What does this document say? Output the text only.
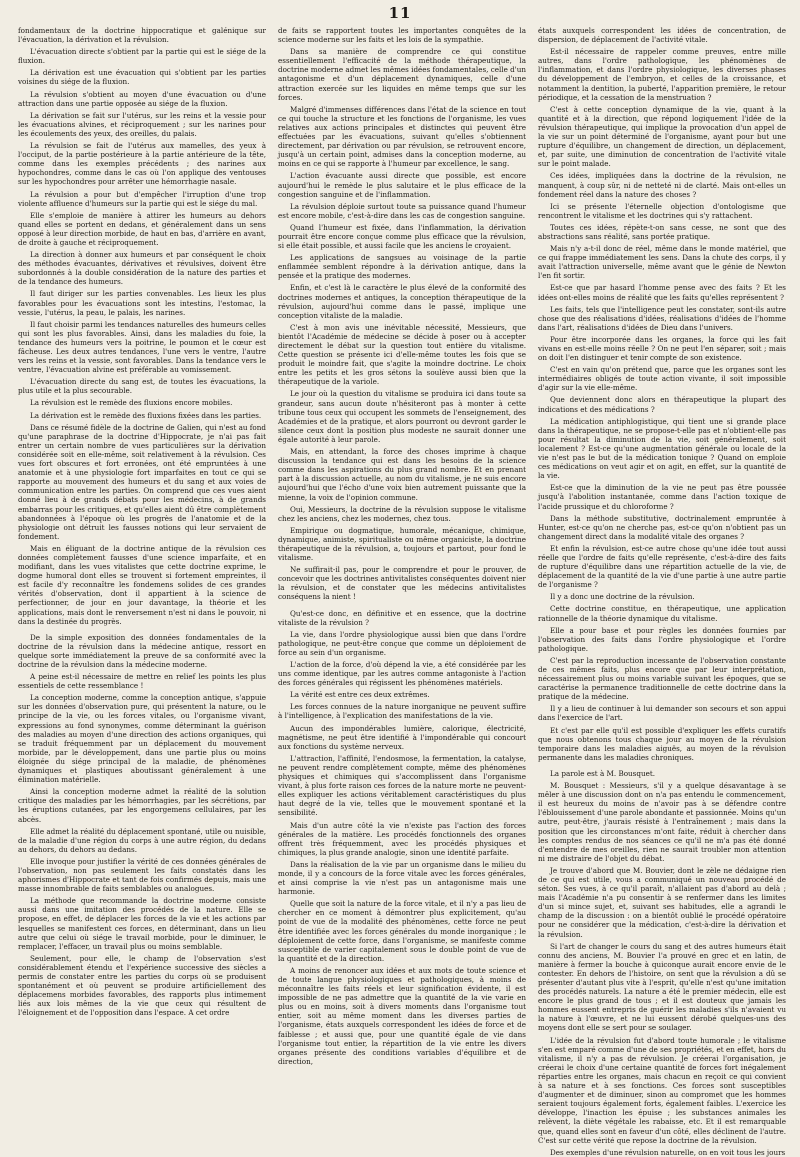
11

fondamentaux de la doctrine hippocratique et galénique sur l'évacuation, la dérivation et la révulsion.

L'évacuation directe s'obtient par la partie qui est le siége de la fluxion.

La dérivation est une évacuation qui s'obtient par les parties voisines du siége de la fluxion.

La révulsion s'obtient au moyen d'une évacuation ou d'une attraction dans une partie opposée au siége de la fluxion.

La dérivation se fait sur l'utérus, sur les reins et la vessie pour les évacuations alvines, et réciproquement ; sur les narines pour les écoulements des yeux, des oreilles, du palais.

La révulsion se fait de l'utérus aux mamelles, des yeux à l'occiput, de la partie postérieure à la partie antérieure de la tête, comme dans les exemples précédents ; des narines aux hypochondres, comme dans le cas où l'on applique des ventouses sur les hypochondres pour arrêter une hémorrhagie nasale.

La révulsion a pour but d'empêcher l'irruption d'une trop violente affluence d'humeurs sur la partie qui est le siége du mal.

Elle s'emploie de manière à attirer les humeurs au dehors quand elles se portent en dedans, et généralement dans un sens opposé à leur direction morbide, de haut en bas, d'arrière en avant, de droite à gauche et réciproquement.

La direction à donner aux humeurs et par conséquent le choix des méthodes évacuantes, dérivatives et révulsives, doivent être subordonnés à la double considération de la nature des parties et de la tendance des humeurs.

Il faut diriger sur les parties convenables. Les lieux les plus favorables pour les évacuations sont les intestins, l'estomac, la vessie, l'utérus, la peau, le palais, les narines.

Il faut choisir parmi les tendances naturelles des humeurs celles qui sont les plus favorables. Ainsi, dans les maladies du foie, la tendance des humeurs vers la poitrine, le poumon et le cœur est fâcheuse. Les deux autres tendances, l'une vers le ventre, l'autre vers les reins et la vessie, sont favorables. Dans la tendance vers le ventre, l'évacuation alvine est préférable au vomissement.

L'évacuation directe du sang est, de toutes les évacuations, la plus utile et la plus secourable.

La révulsion est le remède des fluxions encore mobiles.

La dérivation est le remède des fluxions fixées dans les parties.

Dans ce résumé fidèle de la doctrine de Galien, qui n'est au fond qu'une paraphrase de la doctrine d'Hippocrate, je n'ai pas fait entrer un certain nombre de vues particulières sur la dérivation considérée soit en elle-même, soit relativement à la révulsion. Ces vues fort obscures et fort erronées, ont été empruntées à une anatomie et à une physiologie fort imparfaites en tout ce qui se rapporte au mouvement des humeurs et du sang et aux voies de communication entre les parties. On comprend que ces vues aient donné lieu à de grands débats pour les médecins, à de grands embarras pour les critiques, et qu'elles aient dû être complètement abandonnées à l'époque où les progrès de l'anatomie et de la physiologie ont détruit les fausses notions qui leur servaient de fondement.

Mais en éliguant de la doctrine antique de la révulsion ces données complètement fausses d'une science imparfaite, et en modifiant, dans les vues vitalistes que cette doctrine exprime, le dogme humoral dont elles se trouvent si fortement empreintes, il est facile d'y reconnaître les fondemens solides de ces grandes vérités d'observation, dont il appartient à la science de perfectionner, de jour en jour davantage, la théorie et les applications, mais dont le renversement n'est ni dans le pouvoir, ni dans la destinée du progrès.

De la simple exposition des données fondamentales de la doctrine de la révulsion dans la médecine antique, ressort en quelque sorte immédiatement la preuve de sa conformité avec la doctrine de la révulsion dans la médecine moderne.

A peine est-il nécessaire de mettre en relief les points les plus essentiels de cette ressemblance !

La conception moderne, comme la conception antique, s'appuie sur les données d'observation pure, qui présentent la nature, ou le principe de la vie, ou les forces vitales, ou l'organisme vivant, expressions au fond synonymes, comme déterminant la guérison des maladies au moyen d'une direction des actions organiques, qui se traduit fréquemment par un déplacement du mouvement morbide, par le développement, dans une partie plus ou moins éloignée du siége principal de la maladie, de phénomènes dynamiques et plastiques aboutissant généralement à une élimination matérielle.

Ainsi la conception moderne admet la réalité de la solution critique des maladies par les hémorrhagies, par les sécrétions, par les éruptions cutanées, par les engorgemens cellulaires, par les abcès.

Elle admet la réalité du déplacement spontané, utile ou nuisible, de la maladie d'une région du corps à une autre région, du dedans au dehors, du dehors au dedans.

Elle invoque pour justifier la vérité de ces données générales de l'observation, non pas seulement les faits constatés dans les aphorismes d'Hippocrate et tant de fois confirmés depuis, mais une masse innombrable de faits semblables ou analogues.

La méthode que recommande la doctrine moderne consiste aussi dans une imitation des procédés de la nature. Elle se propose, en effet, de déplacer les forces de la vie et les actions par lesquelles se manifestent ces forces, en déterminant, dans un lieu autre que celui où siége le travail morbide, pour le diminuer, le remplacer, l'effacer, un travail plus ou moins semblable.

Seulement, pour elle, le champ de l'observation s'est considérablement étendu et l'expérience successive des siècles a permis de constater entre les parties du corps où se produisent spontanément et où peuvent se produire artificiellement des déplacemens morbides favorables, des rapports plus intimement liés aux lois mêmes de la vie que ceux qui résultent de l'éloignement et de l'opposition dans l'espace. A cet ordre

de faits se rapportent toutes les importantes conquêtes de la science moderne sur les faits et les lois de la sympathie.

Dans sa manière de comprendre ce qui constitue essentiellement l'efficacité de la méthode thérapeutique, la doctrine moderne admet les mêmes idées fondamentales, celle d'un antagonisme et d'un déplacement dynamiques, celle d'une attraction exercée sur les liquides en même temps que sur les forces.

Malgré d'immenses différences dans l'état de la science en tout ce qui touche la structure et les fonctions de l'organisme, les vues relatives aux actions principales et distinctes qui peuvent être effectuées par les évacuations, suivant qu'elles s'obtiennent directement, par dérivation ou par révulsion, se retrouvent encore, jusqu'à un certain point, admises dans la conception moderne, au moins en ce qui se rapporte à l'humeur par excellence, le sang.

L'action évacuante aussi directe que possible, est encore aujourd'hui le remède le plus salutaire et le plus efficace de la congestion sanguine et de l'inflammation.

La révulsion déploie surtout toute sa puissance quand l'humeur est encore mobile, c'est-à-dire dans les cas de congestion sanguine.

Quand l'humeur est fixée, dans l'inflammation, la dérivation pourrait être encore conçue comme plus efficace que la révulsion, si elle était possible, et aussi facile que les anciens le croyaient.

Les applications de sangsues au voisinage de la partie enflammée semblent répondre à la dérivation antique, dans la pensée et la pratique des modernes.

Enfin, et c'est là le caractère le plus élevé de la conformité des doctrines modernes et antiques, la conception thérapeutique de la révulsion, aujourd'hui comme dans le passé, implique une conception vitaliste de la maladie.

C'est à mon avis une inévitable nécessité, Messieurs, que bientôt l'Académie de médecine se décide à poser ou à accepter directement le débat sur la question tout entière du vitalisme. Cette question se présente ici d'elle-même toutes les fois que se produit le moindre fait, que s'agite la moindre doctrine. Le choix entre les petits et les gros sétons la soulève aussi bien que la thérapeutique de la variole.

Le jour où la question du vitalisme se produira ici dans toute sa grandeur, sans aucun doute n'hésiteront pas à monter à cette tribune tous ceux qui occupent les sommets de l'enseignement, des Académies et de la pratique, et alors pourront ou devront garder le silence ceux dont la position plus modeste ne saurait donner une égale autorité à leur parole.

Mais, en attendant, la force des choses imprime à chaque discussion la tendance qui est dans les besoins de la science comme dans les aspirations du plus grand nombre. Et en prenant part à la discussion actuelle, au nom du vitalisme, je ne suis encore aujourd'hui que l'écho d'une voix bien autrement puissante que la mienne, la voix de l'opinion commune.

Oui, Messieurs, la doctrine de la révulsion suppose le vitalisme chez les anciens, chez les modernes, chez tous.

Empirique ou dogmatique, humorale, mécanique, chimique, dynamique, animiste, spiritualiste ou même organiciste, la doctrine thérapeutique de la révulsion, a, toujours et partout, pour fond le vitalisme.

Ne suffirait-il pas, pour le comprendre et pour le prouver, de concevoir que les doctrines antivitalistes conséquentes doivent nier la révulsion, et de constater que les médecins antivitalistes conséquens la nient !

Qu'est-ce donc, en définitive et en essence, que la doctrine vitaliste de la révulsion ?

La vie, dans l'ordre physiologique aussi bien que dans l'ordre pathologique, ne peut-être conçue que comme un déploiement de force au sein d'un organisme.

L'action de la force, d'où dépend la vie, a été considérée par les uns comme identique, par les autres comme antagoniste à l'action des forces générales qui régissent les phénomènes matériels.

La vérité est entre ces deux extrêmes.

Les forces connues de la nature inorganique ne peuvent suffire à l'intelligence, à l'explication des manifestations de la vie.

Aucun des impondérables lumière, calorique, électricité, magnétisme, ne peut être identifié à l'impondérable qui concourt aux fonctions du système nerveux.

L'attraction, l'affinité, l'endosmose, la fermentation, la catalyse, ne peuvent rendre complètement compte, même des phénomènes physiques et chimiques qui s'accomplissent dans l'organisme vivant, à plus forte raison ces forces de la nature morte ne peuvent-elles expliquer les actions véritablement caractéristiques du plus haut degré de la vie, telles que le mouvement spontané et la sensibilité.

Mais d'un autre côté la vie n'existe pas l'action des forces générales de la matière. Les procédés fonctionnels des organes offrent très fréquemment, avec les procédés physiques et chimiques, la plus grande analogie, sinon une identité parfaite.

Dans la réalisation de la vie par un organisme dans le milieu du monde, il y a concours de la force vitale avec les forces générales, et ainsi comprise la vie n'est pas un antagonisme mais une harmonie.

Quelle que soit la nature de la force vitale, et il n'y a pas lieu de chercher en ce moment à démontrer plus explicitement, qu'au point de vue de la modalité des phénomènes, cette force ne peut être identifiée avec les forces générales du monde inorganique ; le déploiement de cette force, dans l'organisme, se manifeste comme susceptible de varier capitalement sous le double point de vue de la quantité et de la direction.

A moins de renoncer aux idées et aux mots de toute science et de toute langue physiologiques et pathologiques, à moins de méconnaître les faits réels et leur signification évidente, il est impossible de ne pas admettre que la quantité de la vie varie en plus ou en moins, soit à divers moments dans l'organisme tout entier, soit au même moment dans les diverses parties de l'organisme, états auxquels correspondent les idées de force et de faiblesse ; et aussi que, pour une quantité égale de vie dans l'organisme tout entier, la répartition de la vie entre les divers organes présente des conditions variables d'équilibre et de direction,

états auxquels correspondent les idées de concentration, de dispersion, de déplacement de l'activité vitale.

Est-il nécessaire de rappeler comme preuves, entre mille autres, dans l'ordre pathologique, les phénomènes de l'inflammation, et dans l'ordre physiologique, les diverses phases du développement de l'embryon, et celles de la croissance, et notamment la dentition, la puberté, l'apparition première, le retour périodique, et la cessation de la menstruation ?

C'est à cette conception dynamique de la vie, quant à la quantité et à la direction, que répond logiquement l'idée de la révulsion thérapeutique, qui implique la provocation d'un appel de la vie sur un point déterminé de l'organisme, ayant pour but une rupture d'équilibre, un changement de direction, un déplacement, et, par suite, une diminution de concentration de l'activité vitale sur le point malade.

Ces idées, impliquées dans la doctrine de la révulsion, ne manquent, à coup sûr, ni de netteté ni de clarté. Mais ont-elles un fondement réel dans la nature des choses ?

Ici se présente l'éternelle objection d'ontologisme que rencontrent le vitalisme et les doctrines qui s'y rattachent.

Toutes ces idées, répète-t-on sans cesse, ne sont que des abstractions sans réalité, sans portée pratique.

Mais n'y a-t-il donc de réel, même dans le monde matériel, que ce qui frappe immédiatement les sens. Dans la chute des corps, il y avait l'attraction universelle, même avant que le génie de Newton l'en fit sortir.

Est-ce que par hasard l'homme pense avec des faits ? Et les idées ont-elles moins de réalité que les faits qu'elles représentent ?

Les faits, tels que l'intelligence peut les constater, sont-ils autre chose que des réalisations d'idées, réalisations d'idées de l'homme dans l'art, réalisations d'idées de Dieu dans l'univers.

Pour être incorporée dans les organes, la force qui les fait vivans en est-elle moins réelle ? On ne peut l'en séparer, soit ; mais on doit l'en distinguer et tenir compte de son existence.

C'est en vain qu'on prétend que, parce que les organes sont les intermédiaires obligés de toute action vivante, il soit impossible d'agir sur la vie elle-même.

Que deviennent donc alors en thérapeutique la plupart des indications et des médications ?

La médication antiphlogistique, qui tient une si grande place dans la thérapeutique, ne se propose-t-elle pas et n'obtient-elle pas pour résultat la diminution de la vie, soit généralement, soit localement ? Est-ce qu'une augmentation générale ou locale de la vie n'est pas le but de la médication tonique ? Quand on emploie ces médications on veut agir et on agit, en effet, sur la quantité de la vie.

Est-ce que la diminution de la vie ne peut pas être poussée jusqu'à l'abolition instantanée, comme dans l'action toxique de l'acide prussique et du chloroforme ?

Dans la méthode substitutive, doctrinalement empruntée à Hunter, est-ce qu'on ne cherche pas, est-ce qu'on n'obtient pas un changement direct dans la modalité vitale des organes ?

Et enfin la révulsion, est-ce autre chose qu'une idée tout aussi réelle que l'ordre de faits qu'elle représente, c'est-à-dire des faits de rupture d'équilibre dans une répartition actuelle de la vie, de déplacement de la quantité de la vie d'une partie à une autre partie de l'organisme ?

Il y a donc une doctrine de la révulsion.

Cette doctrine constitue, en thérapeutique, une application rationnelle de la théorie dynamique du vitalisme.

Elle a pour base et pour règles les données fournies par l'observation des faits dans l'ordre physiologique et l'ordre pathologique.

C'est par la reproduction incessante de l'observation constante de ces mêmes faits, plus encore que par leur interprétation, nécessairement plus ou moins variable suivant les époques, que se caractérise la permanence traditionnelle de cette doctrine dans la pratique de la médecine.

Il y a lieu de continuer à lui demander son secours et son appui dans l'exercice de l'art.

Et c'est par elle qu'il est possible d'expliquer les effets curatifs que nous obtenons tous chaque jour au moyen de la révulsion temporaire dans les maladies aiguës, au moyen de la révulsion permanente dans les maladies chroniques.

La parole est à M. Bousquet.

M. Bousquet : Messieurs, s'il y a quelque désavantage à se mêler à une discussion dont on n'a pas entendu le commencement, il est heureux du moins de n'avoir pas à se défendre contre l'éblouissement d'une parole abondante et passionnée. Moins qu'un autre, peut-être, j'aurais résisté à l'entraînement ; mais dans la position que les circonstances m'ont faite, réduit à chercher dans les comptes rendus de nos séances ce qu'il ne m'a pas été donné d'entendre de mes oreilles, rien ne saurait troubler mon attention ni me distraire de l'objet du débat.

Je trouve d'abord que M. Bouvier, dont le zèle ne dédaigne rien de ce qui est utile, vous a communiqué un nouveau procédé de séton. Ses vues, à ce qu'il paraît, n'allaient pas d'abord au delà ; mais l'Académie n'a pu consentir à se renfermer dans les limites d'un si mince sujet, et, suivant ses habitudes, elle a agrandi le champ de la discussion : on a bientôt oublié le procédé opératoire pour ne considérer que la médication, c'est-à-dire la dérivation et la révulsion.

Si l'art de changer le cours du sang et des autres humeurs était connu des anciens, M. Bouvier l'a prouvé en grec et en latin, de manière à fermer la bouche à quiconque aurait encore envie de le contester. En dehors de l'histoire, on sent que la révulsion a dû se présenter d'autant plus vite à l'esprit, qu'elle n'est qu'une imitation des procédés naturels. La nature a été le premier médecin, elle est encore le plus grand de tous ; et il est douteux que jamais les hommes eussent entrepris de guérir les maladies s'ils n'avaient vu la nature à l'œuvre, et ne lui eussent dérobé quelques-uns des moyens dont elle se sert pour se soulager.

L'idée de la révulsion fut d'abord toute humorale ; le vitalisme s'en est emparé comme d'une de ses propriétés, et en effet, hors du vitalisme, il n'y a pas de révulsion. Je créerai l'organisation, je créerai le choix d'une certaine quantité de forces fort inégalement réparties entre les organes, mais chacun en reçoit ce qui convient à sa nature et à ses fonctions. Ces forces sont susceptibles d'augmenter et de diminuer, sinon au compromet que les hommes seraient toujours également forts, également faibles. L'exercice les développe, l'inaction les épuise ; les substances animales les relèvent, la diète végétale les rabaisse, etc. Et il est remarquable que, quand elles sont en faveur d'un côté, elles déclinent de l'autre. C'est sur cette vérité que repose la doctrine de la révulsion.

Des exemples d'une révulsion naturelle, on en voit tous les jours
